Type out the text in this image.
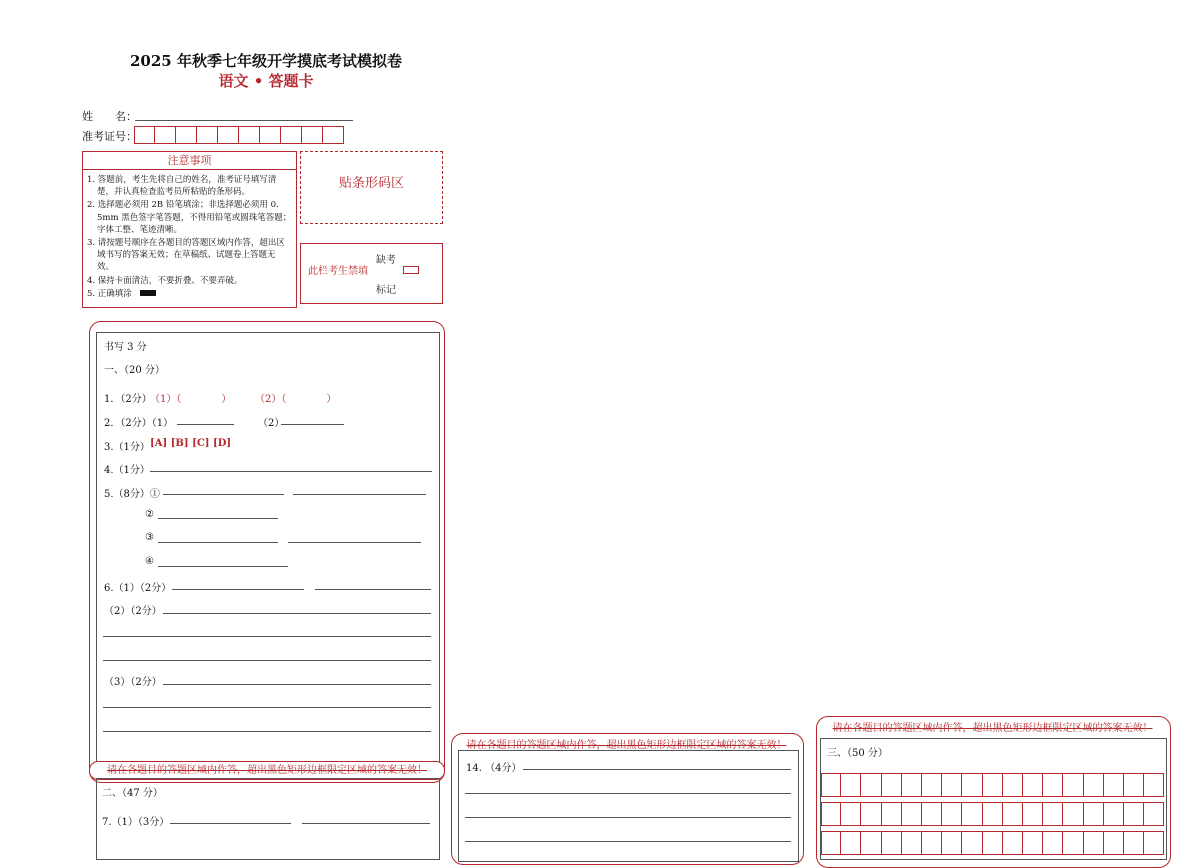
2025 年秋季七年级开学摸底考试模拟卷
语文 • 答题卡
姓　　名：
准考证号：
注意事项

1. 答题前，考生先将自己的姓名，准考证号填写清楚，并认真检查监考员所粘贴的条形码。

2. 选择题必须用 2B 铅笔填涂；非选择题必须用 0．5mm 黑色签字笔答题，不得用铅笔或圆珠笔答题；字体工整、笔迹清晰。

3. 请按题号顺序在各题目的答题区域内作答，超出区域书写的答案无效；在草稿纸、试题卷上答题无效。

4. 保持卡面清洁，不要折叠、不要弄破。

5. 正确填涂

贴条形码区
此栏考生禁填
缺考
标记
书写 3 分
一、（20 分）
1．（2分）
（1）（　　　　） （2）（　　　　）
2．（2分）（1）	（2）
3.（1分） [A] [B] [C] [D]
4.（1分）
5.（8分）①
②
③
④
6.（1）（2分）
（2）（2分）
（3）（2分）
请在各题目的答题区域内作答，超出黑色矩形边框限定区域的答案无效！
二、（47 分）
7.（1）（3分）
请在各题目的答题区域内作答，超出黑色矩形边框限定区域的答案无效！
14. （4分）
请在各题目的答题区域内作答，超出黑色矩形边框限定区域的答案无效！
三、（50 分）
